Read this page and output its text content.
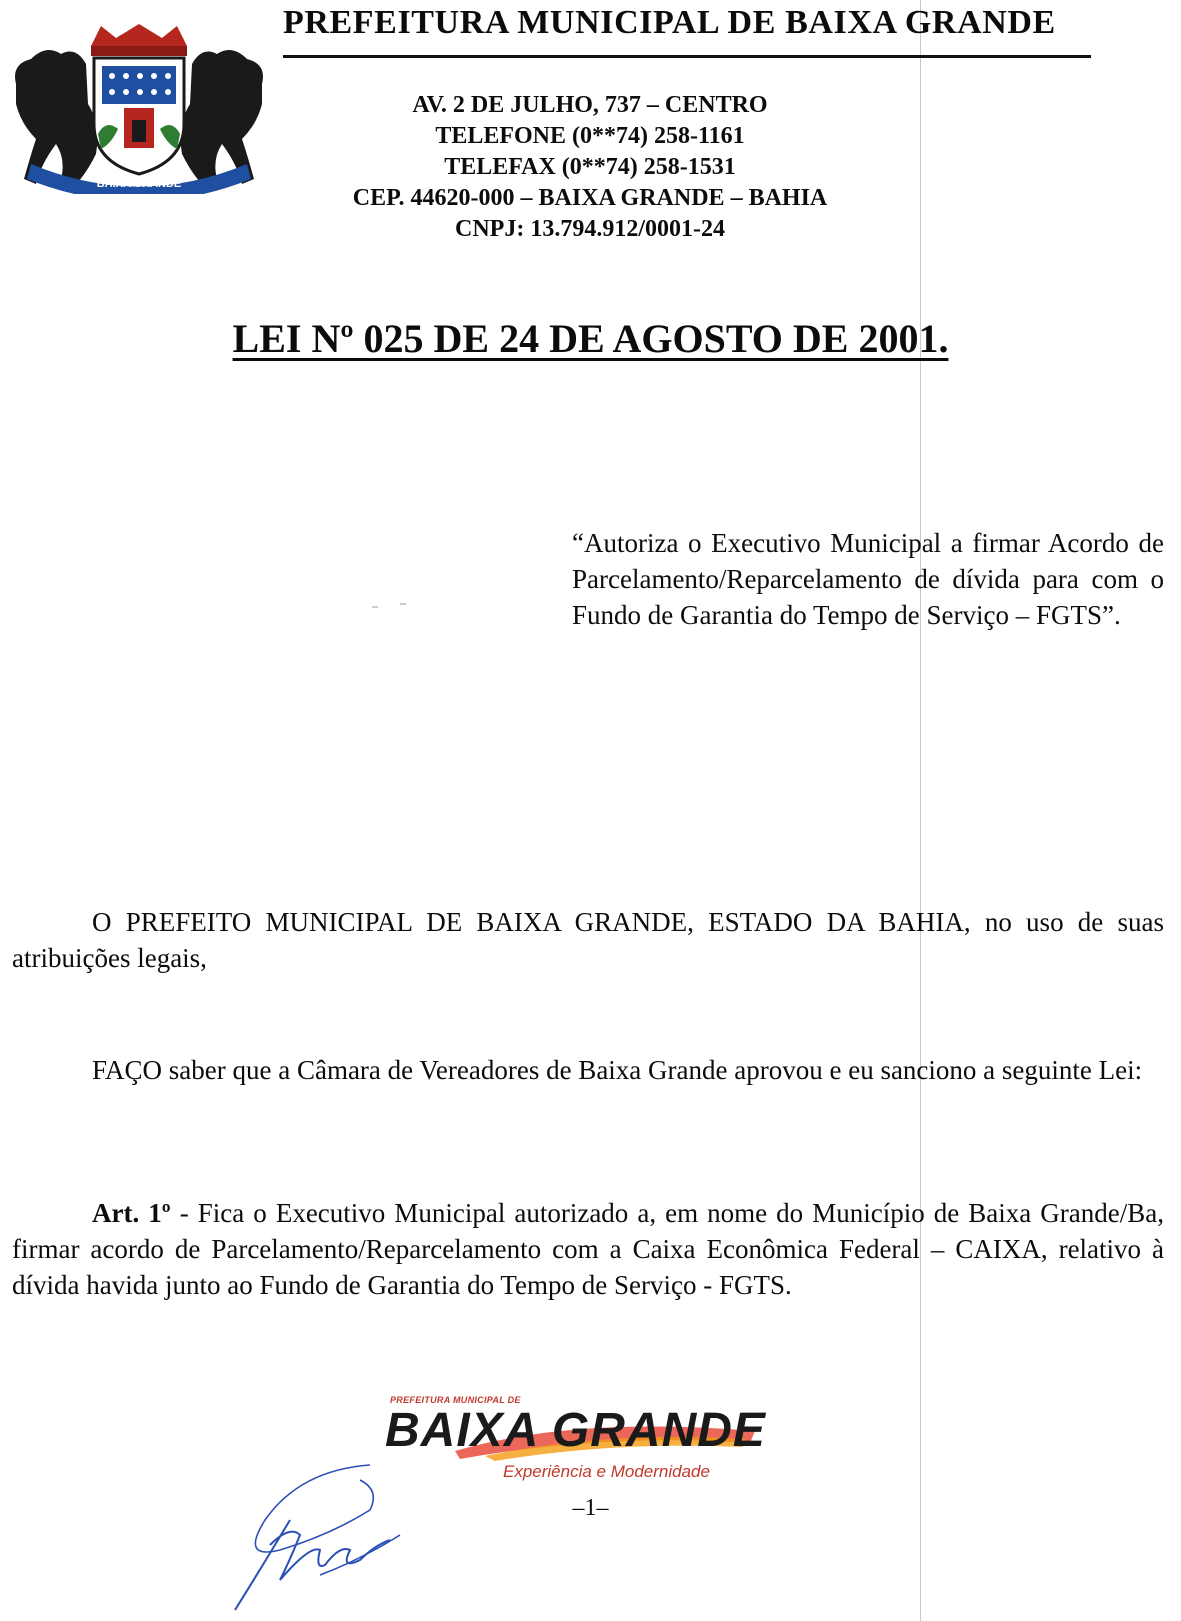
BAIXA GRANDE
PREFEITURA MUNICIPAL DE BAIXA GRANDE
AV. 2 DE JULHO, 737 – CENTRO
TELEFONE (0**74) 258-1161
TELEFAX (0**74) 258-1531
CEP. 44620-000 – BAIXA GRANDE – BAHIA
CNPJ: 13.794.912/0001-24
LEI Nº 025 DE 24 DE AGOSTO DE 2001.
“Autoriza o Executivo Municipal a firmar Acordo de Parcelamento/Reparcelamento de dívida para com o Fundo de Garantia do Tempo de Serviço – FGTS”.

O PREFEITO MUNICIPAL DE BAIXA GRANDE, ESTADO DA BAHIA, no uso de suas atribuições legais,

FAÇO saber que a Câmara de Vereadores de Baixa Grande aprovou e eu sanciono a seguinte Lei:

Art. 1º - Fica o Executivo Municipal autorizado a, em nome do Município de Baixa Grande/Ba, firmar acordo de Parcelamento/Reparcelamento com a Caixa Econômica Federal – CAIXA, relativo à dívida havida junto ao Fundo de Garantia do Tempo de Serviço - FGTS.

PREFEITURA MUNICIPAL DE
BAIXA GRANDE
Experiência e Modernidade
–1–
